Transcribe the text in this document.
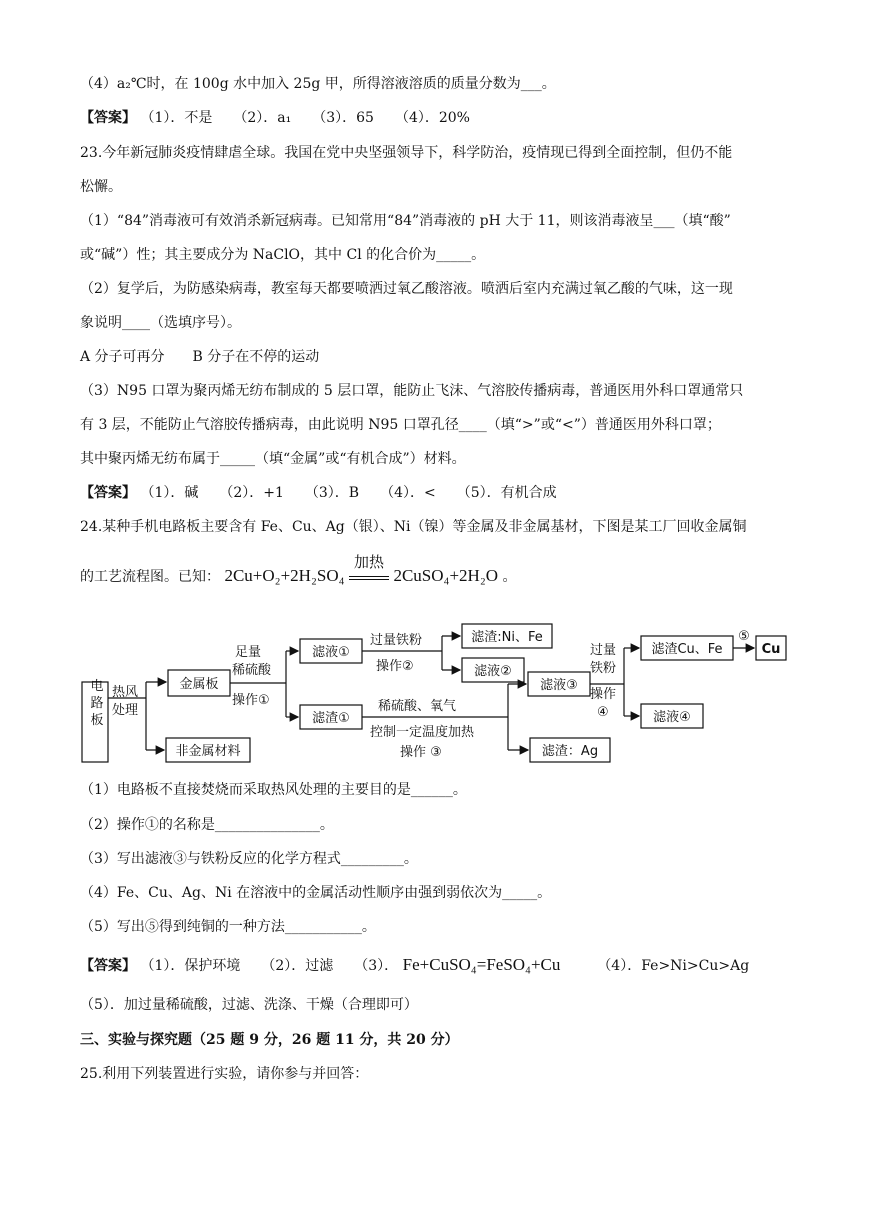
（4）a₂℃时，在 100g 水中加入 25g 甲，所得溶液溶质的质量分数为___。
【答案】 （1）．不是　　（2）．a₁　　（3）．65　　（4）．20%
23.今年新冠肺炎疫情肆虐全球。我国在党中央坚强领导下，科学防治，疫情现已得到全面控制，但仍不能
松懈。
（1）“84”消毒液可有效消杀新冠病毒。已知常用“84”消毒液的 pH 大于 11，则该消毒液呈___（填“酸”
或“碱”）性；其主要成分为 NaClO，其中 Cl 的化合价为_____。
（2）复学后，为防感染病毒，教室每天都要喷洒过氧乙酸溶液。喷洒后室内充满过氧乙酸的气味，这一现
象说明____（选填序号）。
A 分子可再分　　B 分子在不停的运动
（3）N95 口罩为聚丙烯无纺布制成的 5 层口罩，能防止飞沫、气溶胶传播病毒，普通医用外科口罩通常只
有 3 层，不能防止气溶胶传播病毒，由此说明 N95 口罩孔径____（填“>”或“<”）普通医用外科口罩；
其中聚丙烯无纺布属于_____（填“金属”或“有机合成”）材料。
【答案】 （1）．碱　　（2）．+1　　（3）．B　　（4）．<　　（5）．有机合成
24.某种手机电路板主要含有 Fe、Cu、Ag（银）、Ni（镍）等金属及非金属基材，下图是某工厂回收金属铜
的工艺流程图。已知： 2Cu+O₂+2H₂SO₄
加热
2CuSO₄+2H₂O 。
电路板 热风
处理
金属板
非金属材料
足量
稀硫酸
操作①
滤液①
滤渣①
过量铁粉
操作②
滤渣:Ni、Fe
滤液②
稀硫酸、氧气
控制一定温度加热
操作 ③
滤液③
滤渣：Ag
过量
铁粉
操作
④
滤渣Cu、Fe
滤液④
⑤
Cu
（1）电路板不直接焚烧而采取热风处理的主要目的是______。
（2）操作①的名称是_______________。
（3）写出滤液③与铁粉反应的化学方程式_________。
（4）Fe、Cu、Ag、Ni 在溶液中的金属活动性顺序由强到弱依次为_____。
（5）写出⑤得到纯铜的一种方法___________。
【答案】 （1）．保护环境　　（2）．过滤　　（3）． Fe+CuSO₄=FeSO₄+Cu	（4）．Fe>Ni>Cu>Ag
（5）．加过量稀硫酸，过滤、洗涤、干燥（合理即可）
三、实验与探究题（25 题 9 分，26 题 11 分，共 20 分）
25.利用下列装置进行实验，请你参与并回答：
